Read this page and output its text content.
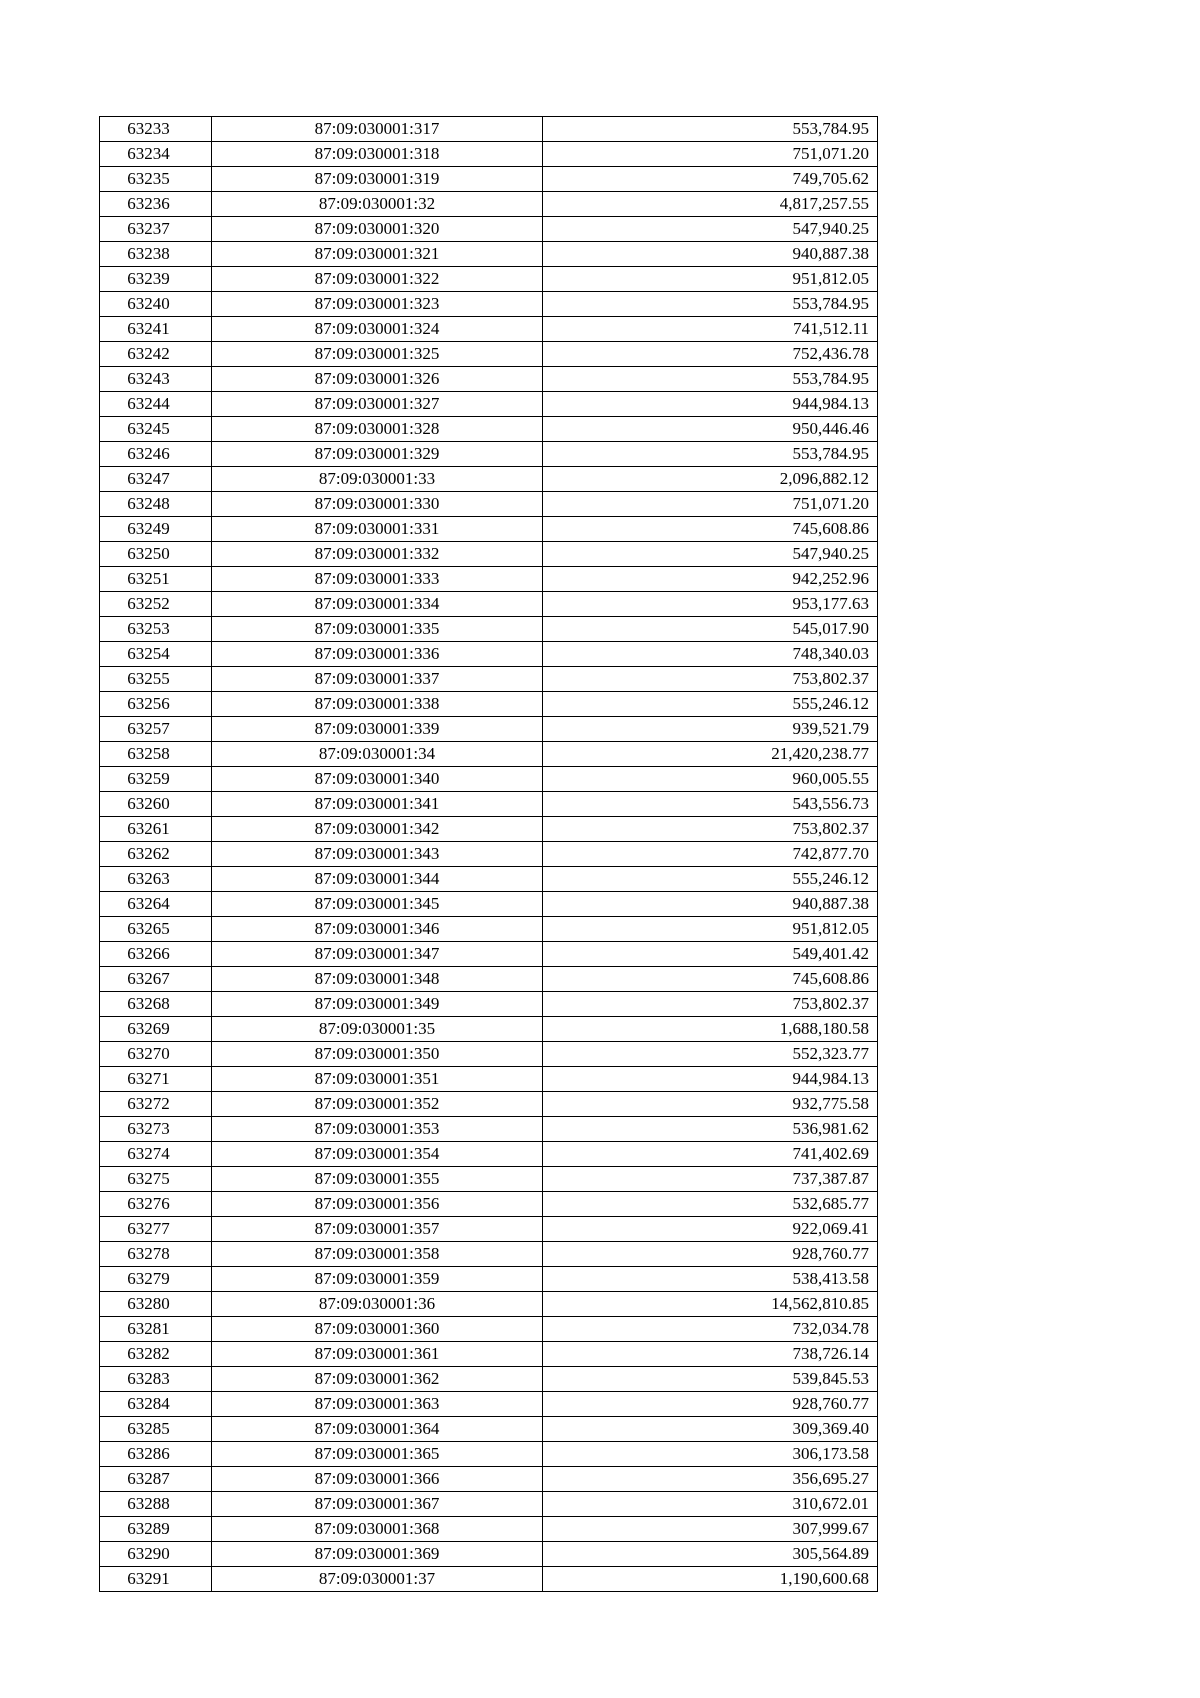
63233	87:09:030001:317	553,784.95
63234	87:09:030001:318	751,071.20
63235	87:09:030001:319	749,705.62
63236	87:09:030001:32	4,817,257.55
63237	87:09:030001:320	547,940.25
63238	87:09:030001:321	940,887.38
63239	87:09:030001:322	951,812.05
63240	87:09:030001:323	553,784.95
63241	87:09:030001:324	741,512.11
63242	87:09:030001:325	752,436.78
63243	87:09:030001:326	553,784.95
63244	87:09:030001:327	944,984.13
63245	87:09:030001:328	950,446.46
63246	87:09:030001:329	553,784.95
63247	87:09:030001:33	2,096,882.12
63248	87:09:030001:330	751,071.20
63249	87:09:030001:331	745,608.86
63250	87:09:030001:332	547,940.25
63251	87:09:030001:333	942,252.96
63252	87:09:030001:334	953,177.63
63253	87:09:030001:335	545,017.90
63254	87:09:030001:336	748,340.03
63255	87:09:030001:337	753,802.37
63256	87:09:030001:338	555,246.12
63257	87:09:030001:339	939,521.79
63258	87:09:030001:34	21,420,238.77
63259	87:09:030001:340	960,005.55
63260	87:09:030001:341	543,556.73
63261	87:09:030001:342	753,802.37
63262	87:09:030001:343	742,877.70
63263	87:09:030001:344	555,246.12
63264	87:09:030001:345	940,887.38
63265	87:09:030001:346	951,812.05
63266	87:09:030001:347	549,401.42
63267	87:09:030001:348	745,608.86
63268	87:09:030001:349	753,802.37
63269	87:09:030001:35	1,688,180.58
63270	87:09:030001:350	552,323.77
63271	87:09:030001:351	944,984.13
63272	87:09:030001:352	932,775.58
63273	87:09:030001:353	536,981.62
63274	87:09:030001:354	741,402.69
63275	87:09:030001:355	737,387.87
63276	87:09:030001:356	532,685.77
63277	87:09:030001:357	922,069.41
63278	87:09:030001:358	928,760.77
63279	87:09:030001:359	538,413.58
63280	87:09:030001:36	14,562,810.85
63281	87:09:030001:360	732,034.78
63282	87:09:030001:361	738,726.14
63283	87:09:030001:362	539,845.53
63284	87:09:030001:363	928,760.77
63285	87:09:030001:364	309,369.40
63286	87:09:030001:365	306,173.58
63287	87:09:030001:366	356,695.27
63288	87:09:030001:367	310,672.01
63289	87:09:030001:368	307,999.67
63290	87:09:030001:369	305,564.89
63291	87:09:030001:37	1,190,600.68
